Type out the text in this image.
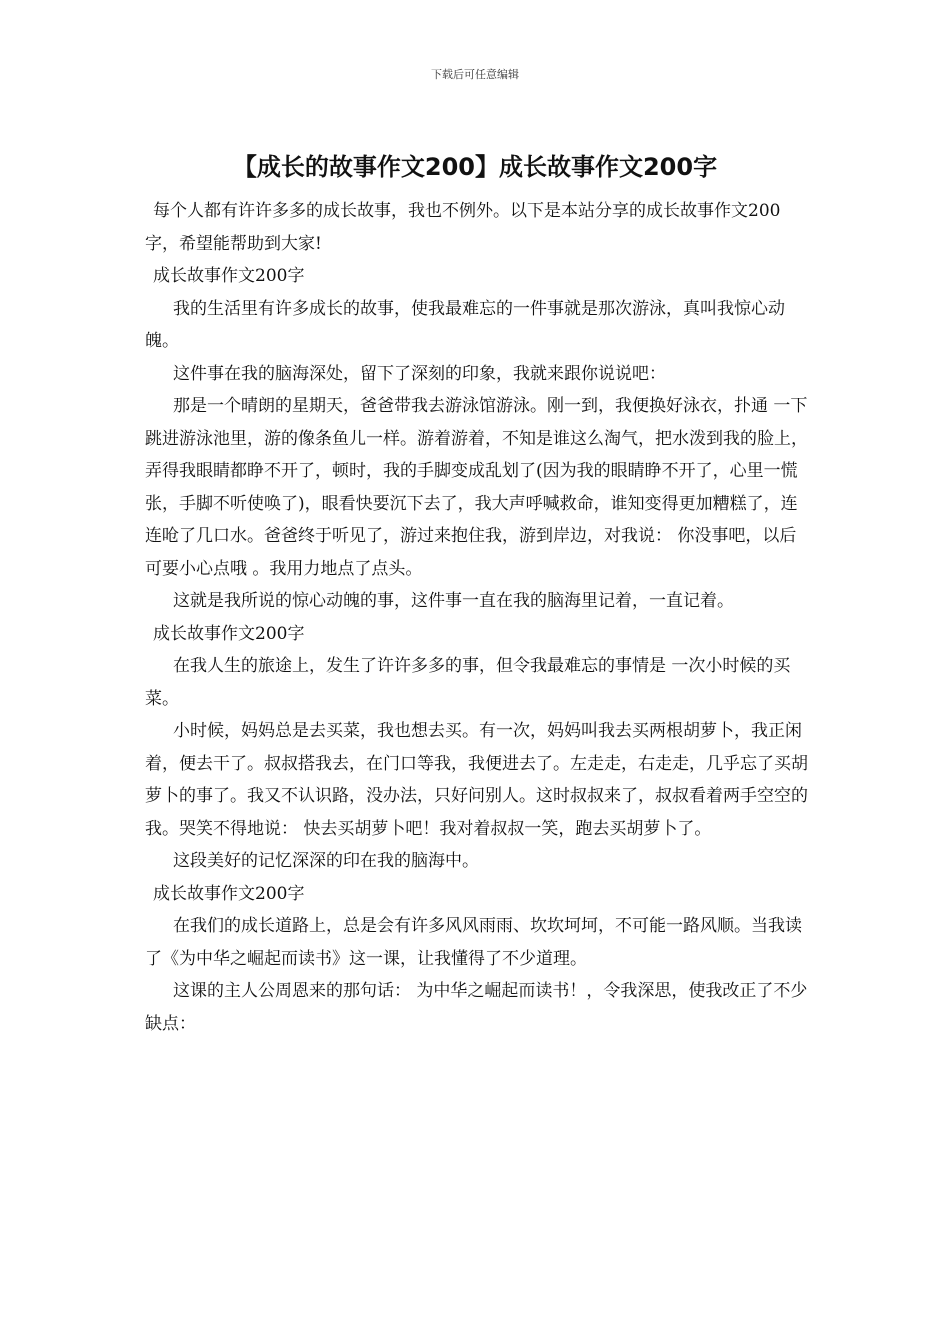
下载后可任意编辑
【成长的故事作文200】成长故事作文200字

每个人都有许许多多的成长故事，我也不例外。以下是本站分享的成长故事作文200字，希望能帮助到大家!

成长故事作文200字

我的生活里有许多成长的故事，使我最难忘的一件事就是那次游泳，真叫我惊心动魄。

这件事在我的脑海深处，留下了深刻的印象，我就来跟你说说吧：

那是一个晴朗的星期天，爸爸带我去游泳馆游泳。刚一到，我便换好泳衣，扑通 一下跳进游泳池里，游的像条鱼儿一样。游着游着，不知是谁这么淘气，把水泼到我的脸上，弄得我眼睛都睁不开了，顿时，我的手脚变成乱划了(因为我的眼睛睁不开了，心里一慌张，手脚不听使唤了)，眼看快要沉下去了，我大声呼喊救命，谁知变得更加糟糕了，连连呛了几口水。爸爸终于听见了，游过来抱住我，游到岸边，对我说： 你没事吧，以后可要小心点哦 。我用力地点了点头。

这就是我所说的惊心动魄的事，这件事一直在我的脑海里记着，一直记着。

成长故事作文200字

在我人生的旅途上，发生了许许多多的事，但令我最难忘的事情是 一次小时候的买菜。

小时候，妈妈总是去买菜，我也想去买。有一次，妈妈叫我去买两根胡萝卜，我正闲着，便去干了。叔叔搭我去，在门口等我，我便进去了。左走走，右走走，几乎忘了买胡萝卜的事了。我又不认识路，没办法，只好问别人。这时叔叔来了，叔叔看着两手空空的我。哭笑不得地说： 快去买胡萝卜吧！我对着叔叔一笑，跑去买胡萝卜了。

这段美好的记忆深深的印在我的脑海中。

成长故事作文200字

在我们的成长道路上，总是会有许多风风雨雨、坎坎坷坷，不可能一路风顺。当我读了《为中华之崛起而读书》这一课，让我懂得了不少道理。

这课的主人公周恩来的那句话： 为中华之崛起而读书！，令我深思，使我改正了不少缺点：
